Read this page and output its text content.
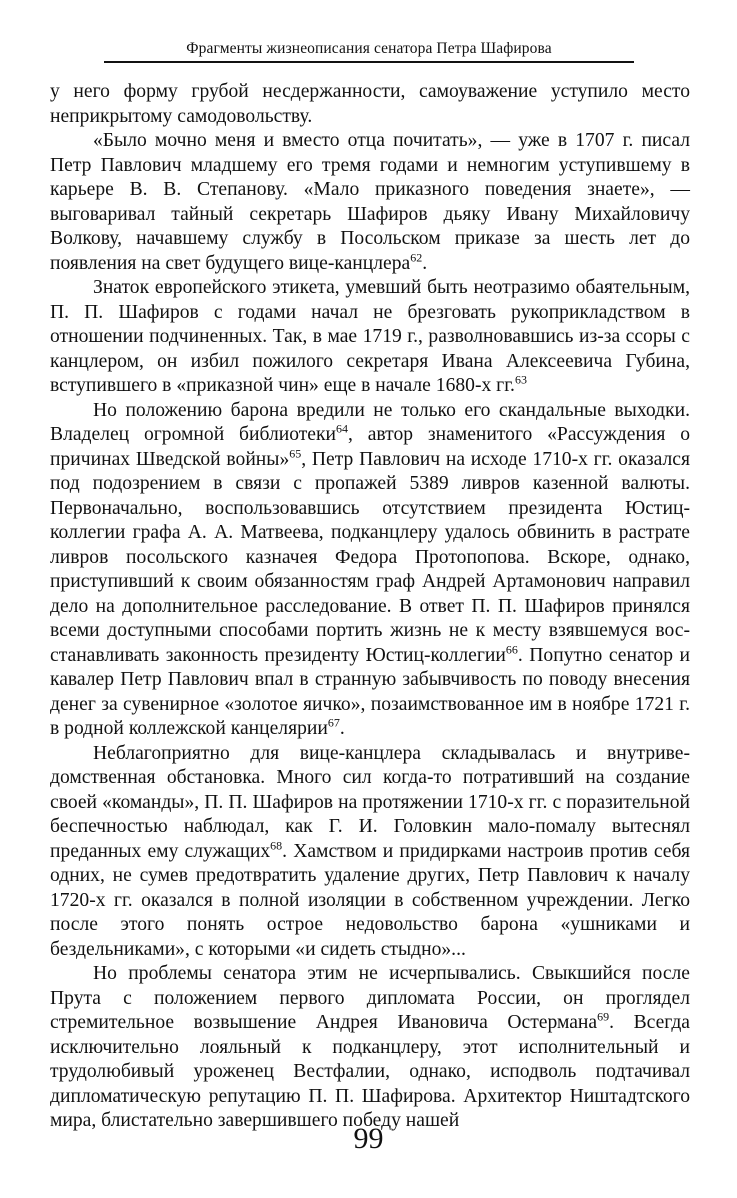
Фрагменты жизнеописания сенатора Петра Шафирова

у него форму грубой несдержанности, самоуважение уступило место неприкрытому самодовольству.

«Было мочно меня и вместо отца почитать», — уже в 1707 г. писал Петр Павлович младшему его тремя годами и немногим уступившему в карьере В. В. Степанову. «Мало приказного поведения знаете», — выговаривал тайный секретарь Шафиров дьяку Ивану Михайловичу Волкову, начавшему службу в Посольском приказе за шесть лет до появления на свет будущего вице-канцлера$^{62}$.

Знаток европейского этикета, умевший быть неотразимо обаятельным, П. П. Шафиров с годами начал не брезговать рукоприкладством в отношении подчиненных. Так, в мае 1719 г., разволновавшись из-за ссоры с канцлером, он избил пожилого секретаря Ивана Алексеевича Губина, вступившего в «приказной чин» еще в начале 1680-х гг.$^{63}$

Но положению барона вредили не только его скандальные выходки. Владелец огромной библиотеки$^{64}$, автор знаменитого «Рассуждения о причинах Шведской войны»$^{65}$, Петр Павлович на исходе 1710-х гг. оказался под подозрением в связи с пропажей 5389 ливров казенной валюты. Первоначально, воспользовавшись отсутствием президента Юстиц-коллегии графа А. А. Матвеева, подканцлеру удалось обвинить в растрате ливров посольского казначея Федора Протопопова. Вскоре, однако, приступивший к своим обязанностям граф Андрей Артамонович направил дело на дополнительное расследование. В ответ П. П. Шафиров принялся всеми доступными способами портить жизнь не к месту взявшемуся восстанавливать законность президенту Юстиц-коллегии$^{66}$. Попутно сенатор и кавалер Петр Павлович впал в странную забывчивость по поводу внесения денег за сувенирное «золотое яичко», позаимствованное им в ноябре 1721 г. в родной коллежской канцелярии$^{67}$.

Неблагоприятно для вице-канцлера складывалась и внутриведомственная обстановка. Много сил когда-то потративший на создание своей «команды», П. П. Шафиров на протяжении 1710-х гг. с поразительной беспечностью наблюдал, как Г. И. Головкин мало-помалу вытеснял преданных ему служащих$^{68}$. Хамством и придирками настроив против себя одних, не сумев предотвратить удаление других, Петр Павлович к началу 1720-х гг. оказался в полной изоляции в собственном учреждении. Легко после этого понять острое недовольство барона «ушниками и бездельниками», с которыми «и сидеть стыдно»...

Но проблемы сенатора этим не исчерпывались. Свыкшийся после Прута с положением первого дипломата России, он проглядел стремительное возвышение Андрея Ивановича Остермана$^{69}$. Всегда исключительно лояльный к подканцлеру, этот исполнительный и трудолюбивый уроженец Вестфалии, однако, исподволь подтачивал дипломатическую репутацию П. П. Шафирова. Архитектор Ништадтского мира, блистательно завершившего победу нашей

99
